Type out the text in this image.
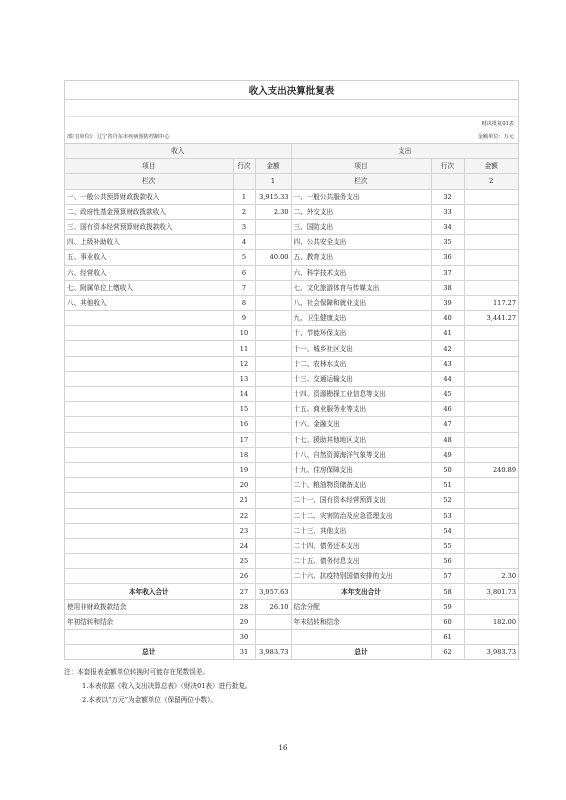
收入支出决算批复表
财决批复01表
部门(单位)：辽宁省丹东市疾病预防控制中心	金额单位：万元
收入			支出		
项目	行次	金额	项目	行次	金额
栏次		1	栏次		2
一、一般公共预算财政拨款收入	1	3,915.33	一、一般公共服务支出	32	
二、政府性基金预算财政拨款收入	2	2.30	二、外交支出	33	
三、国有资本经营预算财政拨款收入	3		三、国防支出	34	
四、上级补助收入	4		四、公共安全支出	35	
五、事业收入	5	40.00	五、教育支出	36	
六、经营收入	6		六、科学技术支出	37	
七、附属单位上缴收入	7		七、文化旅游体育与传媒支出	38	
八、其他收入	8		八、社会保障和就业支出	39	117.27
	9		九、卫生健康支出	40	3,441.27
	10		十、节能环保支出	41	
	11		十一、城乡社区支出	42	
	12		十二、农林水支出	43	
	13		十三、交通运输支出	44	
	14		十四、资源勘探工业信息等支出	45	
	15		十五、商业服务业等支出	46	
	16		十六、金融支出	47	
	17		十七、援助其他地区支出	48	
	18		十八、自然资源海洋气象等支出	49	
	19		十九、住房保障支出	50	240.89
	20		二十、粮油物资储备支出	51	
	21		二十一、国有资本经营预算支出	52	
	22		二十二、灾害防治及应急管理支出	53	
	23		二十三、其他支出	54	
	24		二十四、债务还本支出	55	
	25		二十五、债务付息支出	56	
	26		二十六、抗疫特别国债安排的支出	57	2.30
本年收入合计	27	3,957.63	本年支出合计	58	3,801.73
使用非财政拨款结余	28	26.10	结余分配	59	
年初结转和结余	29		年末结转和结余	60	182.00
	30			61	
总计	31	3,983.73	总计	62	3,983.73
注：本套报表金额单位转换时可能存在尾数误差。
1.本表依据《收入支出决算总表》（财决01表）进行批复。
2.本表以“万元”为金额单位（保留两位小数）。
16
